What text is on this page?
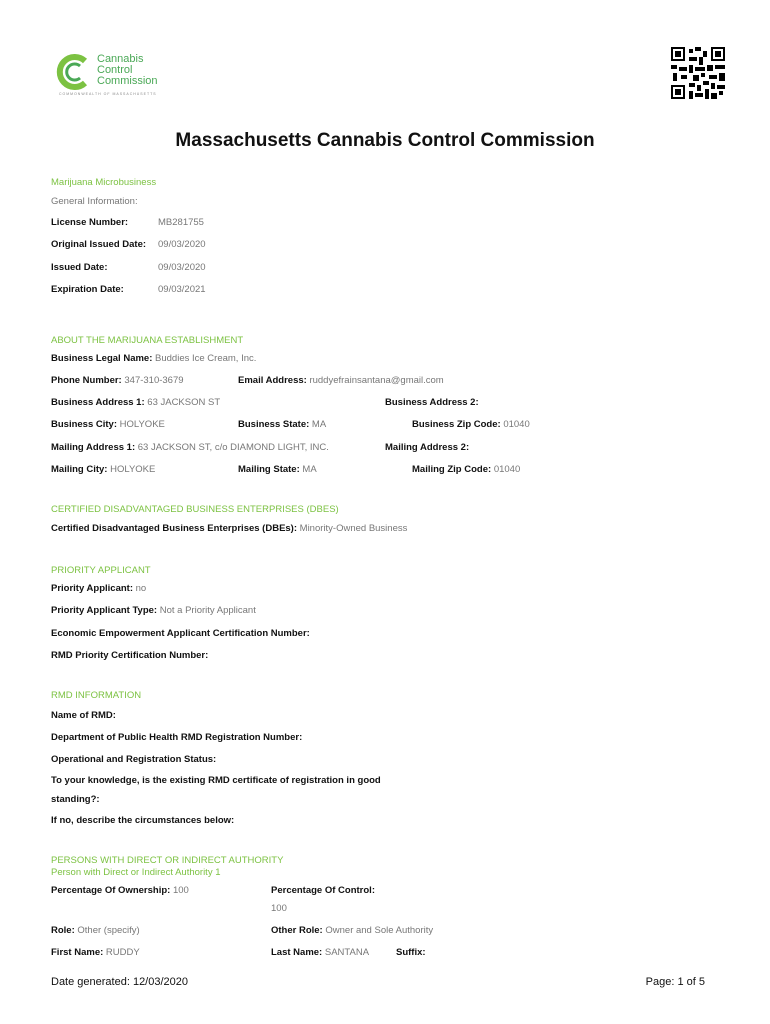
Cannabis
Control
Commission
COMMONWEALTH OF MASSACHUSETTS
Massachusetts Cannabis Control Commission
Marijuana Microbusiness
General Information:
License Number:	MB281755
Original Issued Date: 09/03/2020
Issued Date:	09/03/2020
Expiration Date:	09/03/2021
ABOUT THE MARIJUANA ESTABLISHMENT
Business Legal Name: Buddies Ice Cream, Inc.
Phone Number: 347-310-3679	Email Address: ruddyefrainsantana@gmail.com
Business Address 1: 63 JACKSON ST	Business Address 2:
Business City: HOLYOKE	Business State: MA	Business Zip Code: 01040
Mailing Address 1: 63 JACKSON ST, c/o DIAMOND LIGHT, INC.	Mailing Address 2:
Mailing City: HOLYOKE	Mailing State: MA	Mailing Zip Code: 01040
CERTIFIED DISADVANTAGED BUSINESS ENTERPRISES (DBES)
Certified Disadvantaged Business Enterprises (DBEs): Minority-Owned Business
PRIORITY APPLICANT
Priority Applicant: no
Priority Applicant Type: Not a Priority Applicant
Economic Empowerment Applicant Certification Number:
RMD Priority Certification Number:
RMD INFORMATION
Name of RMD:
Department of Public Health RMD Registration Number:
Operational and Registration Status:
To your knowledge, is the existing RMD certificate of registration in good
standing?:
If no, describe the circumstances below:
PERSONS WITH DIRECT OR INDIRECT AUTHORITY
Person with Direct or Indirect Authority 1
Percentage Of Ownership: 100	Percentage Of Control:
100
Role: Other (specify)	Other Role: Owner and Sole Authority
First Name: RUDDY	Last Name: SANTANA	Suffix:
Date generated: 12/03/2020	Page: 1 of 5
